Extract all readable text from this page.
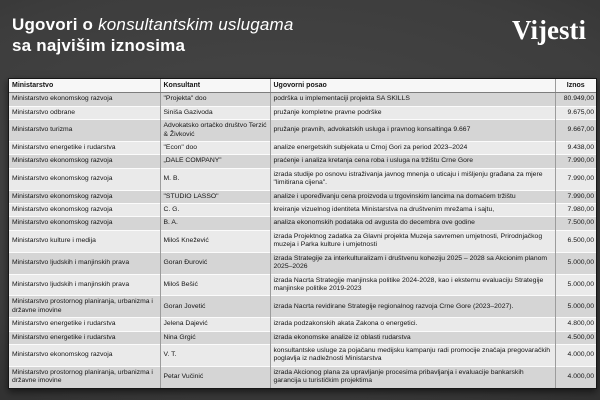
Ugovori o konsultantskim uslugama
sa najvišim iznosima
Vijesti
Ministarstvo	Konsultant	Ugovorni posao	Iznos
Ministarstvo ekonomskog razvoja	"Projekta" doo	podrška u implementaciji projekta SA SKILLS	80.949,00
Ministarstvo odbrane	Siniša Gazivoda	pružanje kompletne pravne podrške	9.675,00
Ministarstvo turizma	Advokatsko ortačko društvo Terzić & Živković	pružanje pravnih, advokatskih usluga i pravnog konsaltinga 9.667	9.667,00
Ministarstvo energetike i rudarstva	"Econ" doo	analize energetskih subjekata u Crnoj Gori za period 2023–2024	9.438,00
Ministarstvo ekonomskog razvoja	„DALE COMPANY”	praćenje i analiza kretanja cena roba i usluga na tržištu Crne Gore	7.990,00
Ministarstvo ekonomskog razvoja	M. B.	izrada studije po osnovu istraživanja javnog mnenja o uticaju i mišljenju građana za mjere "limitirana cijena".	7.990,00
Ministarstvo ekonomskog razvoja	"STUDIO LASSO"	analize i upoređivanju cena proizvoda u trgovinskim lancima na domaćem tržištu	7.990,00
Ministarstvo ekonomskog razvoja	C. G.	kreiranje vizuelnog identiteta Ministarstva na društvenim mrežama i sajtu,	7.980,00
Ministarstvo ekonomskog razvoja	B. A.	analiza ekonomskih podataka od avgusta do decembra ove godine	7.500,00
Ministarstvo kulture i medija	Miloš Knežević	izrada Projektnog zadatka za Glavni projekta Muzeja savremen umjetnosti, Prirodnjačkog muzeja i Parka kulture i umjetnosti	6.500,00
Ministarstvo ljudskih i manjinskih prava	Goran Đurović	izrada Strategije za interkulturalizam i društvenu koheziju 2025 – 2028 sa Akcionim planom 2025–2026	5.000,00
Ministarstvo ljudskih i manjinskih prava	Miloš Bešić	izrada Nacrta Strategije manjinska politike 2024-2028, kao i eksternu evaluaciju Strategije manjinske politike 2019-2023	5.000,00
Ministarstvo prostornog planiranja, urbanizma i državne imovine	Goran Jovetić	izrada Nacrta revidirane Strategije regionalnog razvoja Crne Gore (2023–2027).	5.000,00
Ministarstvo energetike i rudarstva	Jelena Dajević	izrada podzakonskih akata Zakona o energetici.	4.800,00
Ministarstvo energetike i rudarstva	Nina Grgić	izrada ekonomske analize iz oblasti rudarstva	4.500,00
Ministarstvo ekonomskog razvoja	V. T.	konsultantske usluge za pojačanu medijsku kampanju radi promocije značaja pregovaračkih poglavlja iz nadležnosti Ministarstva	4.000,00
Ministarstvo prostornog planiranja, urbanizma i državne imovine	Petar Vučinić	izrada Akcionog plana za upravljanje procesima pribavljanja i evaluacije bankarskih garancija u turističkim projektima	4.000,00
